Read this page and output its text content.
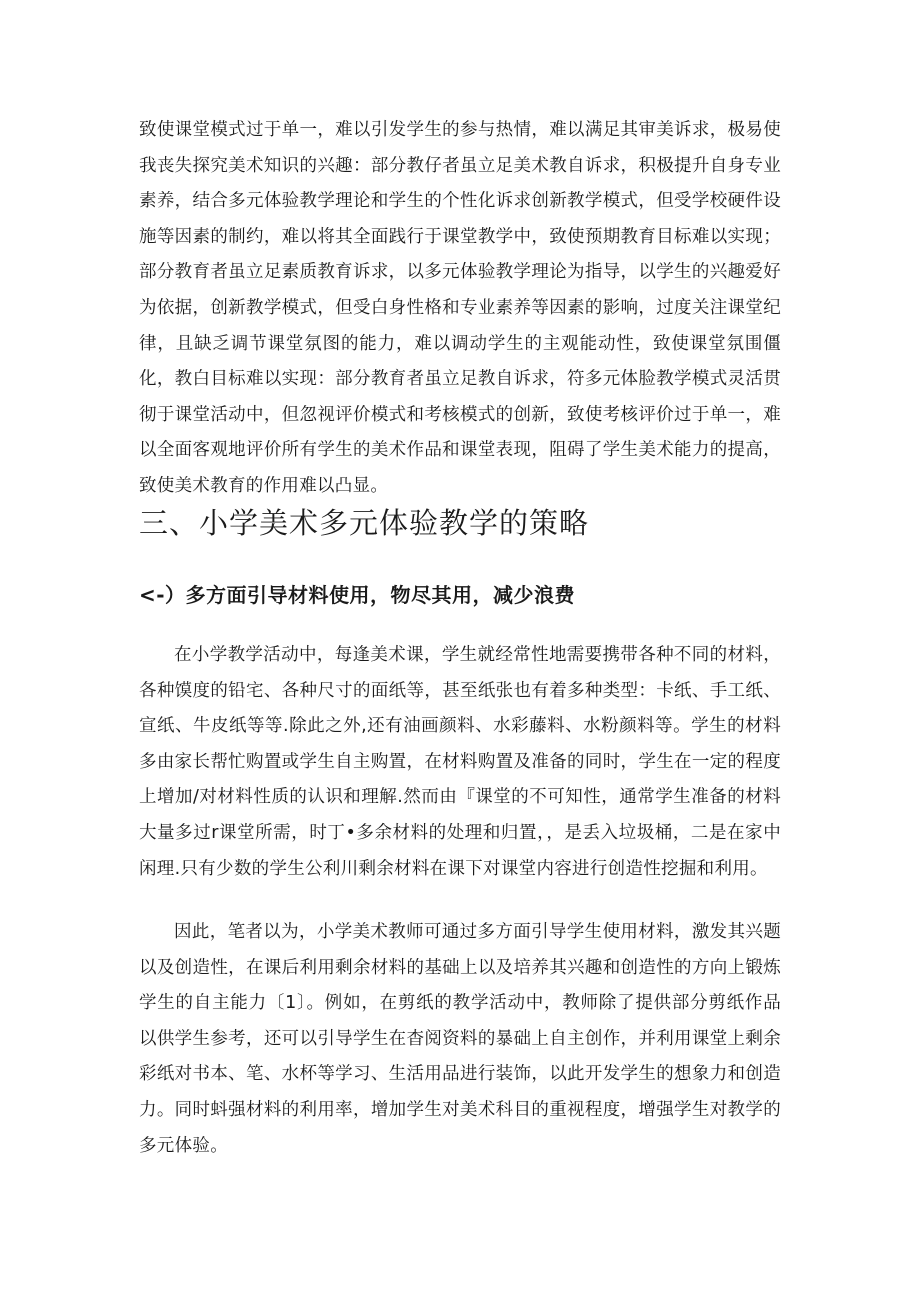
致使课堂模式过于单一，难以引发学生的参与热情，难以满足其审美诉求，极易使我丧失探究美术知识的兴趣：部分教仔者虽立足美术教自诉求，积极提升自身专业素养，结合多元体验教学理论和学生的个性化诉求创新教学模式，但受学校硬件设施等因素的制约，难以将其全面践行于课堂教学中，致使预期教育目标难以实现；部分教育者虽立足素质教育诉求，以多元体验教学理论为指导，以学生的兴趣爱好为依据，创新教学模式，但受白身性格和专业素养等因素的影响，过度关注课堂纪律，且缺乏调节课堂氛图的能力，难以调动学生的主观能动性，致使课堂氛围僵化，教白目标难以实现：部分教育者虽立足教自诉求，符多元体脸教学模式灵活贯彻于课堂活动中，但忽视评价模式和考核模式的创新，致使考核评价过于单一，难以全面客观地评价所有学生的美术作品和课堂表现，阻碍了学生美术能力的提高，致使美术教育的作用难以凸显。

三、小学美术多元体验教学的策略
<-）多方面引导材料使用，物尽其用，减少浪费

在小学教学活动中，每逢美术课，学生就经常性地需要携带各种不同的材料，各种馍度的铅宅、各种尺寸的面纸等，甚至纸张也有着多种类型：卡纸、手工纸、宣纸、牛皮纸等等.除此之外,还有油画颜料、水彩藤料、水粉颜料等。学生的材料多由家长帮忙购置或学生自主购置，在材料购置及准备的同时，学生在一定的程度上增加/对材料性质的认识和理解.然而由『课堂的不可知性，通常学生准备的材料大量多过r课堂所需，时丁•多余材料的处理和归置，，是丢入垃圾桶，二是在家中闲理.只有少数的学生公利川剩余材料在课下对课堂内容进行创造性挖掘和利用。

因此，笔者以为，小学美术教师可通过多方面引导学生使用材料，激发其兴题以及创造性，在课后利用剩余材料的基础上以及培养其兴趣和创造性的方向上锻炼学生的自主能力〔1〕。例如，在剪纸的教学活动中，教师除了提供部分剪纸作品以供学生参考，还可以引导学生在杳阅资料的暴础上自主创作，并利用课堂上剩余彩纸对书本、笔、水杯等学习、生活用品进行装饰，以此开发学生的想象力和创造力。同时蚪强材料的利用率，增加学生对美术科目的重视程度，增强学生对教学的多元体验。
